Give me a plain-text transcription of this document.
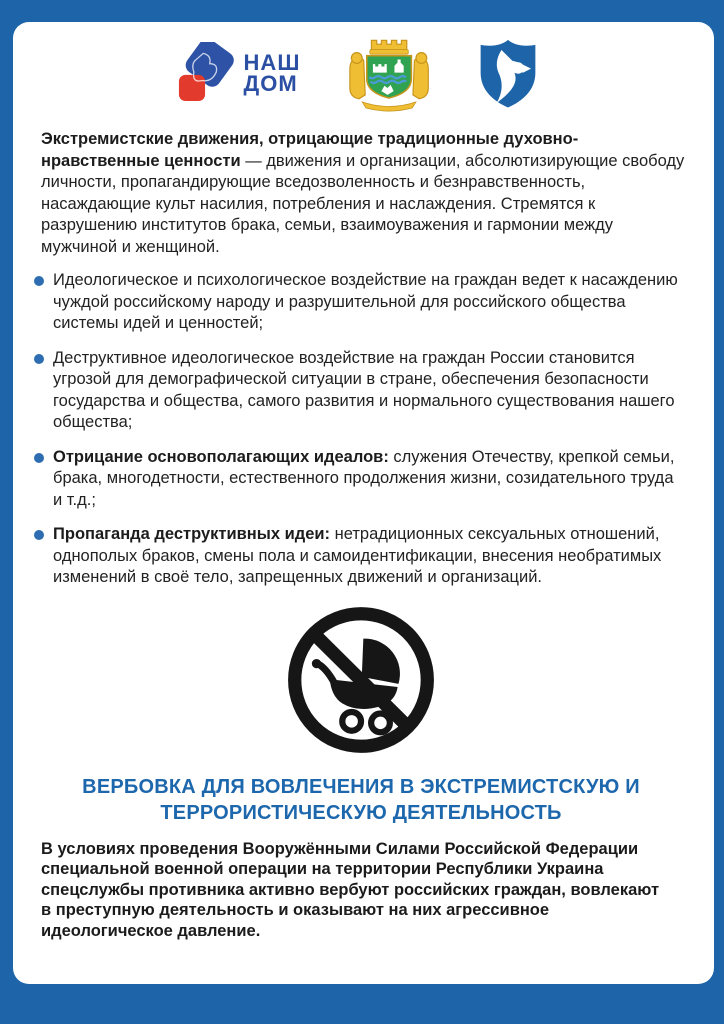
НАШ
ДОМ

Экстремистские движения, отрицающие традиционные духовно-нравственные ценности — движения и организации, абсолютизирующие свободу личности, пропагандирующие вседозволенность и безнравственность, насаждающие культ насилия, потребления и наслаждения. Стремятся к разрушению институтов брака, семьи, взаимоуважения и гармонии между мужчиной и женщиной.

Идеологическое и психологическое воздействие на граждан ведет к насаждению чуждой российскому народу и разрушительной для российского общества системы идей и ценностей;
Деструктивное идеологическое воздействие на граждан России становится угрозой для демографической ситуации в стране, обеспечения безопасности государства и общества, самого развития и нормального существования нашего общества;
Отрицание основополагающих идеалов: служения Отечеству, крепкой семьи, брака, многодетности, естественного продолжения жизни, созидательного труда и т.д.;
Пропаганда деструктивных идеи: нетрадиционных сексуальных отношений, однополых браков, смены пола и самоидентификации, внесения необратимых изменений в своё тело, запрещенных движений и организаций.
ВЕРБОВКА ДЛЯ ВОВЛЕЧЕНИЯ В ЭКСТРЕМИСТСКУЮ И ТЕРРОРИСТИЧЕСКУЮ ДЕЯТЕЛЬНОСТЬ

В условиях проведения Вооружёнными Силами Российской Федерации специальной военной операции на территории Республики Украина спецслужбы противника активно вербуют российских граждан, вовлекают в преступную деятельность и оказывают на них агрессивное идеологическое давление.
